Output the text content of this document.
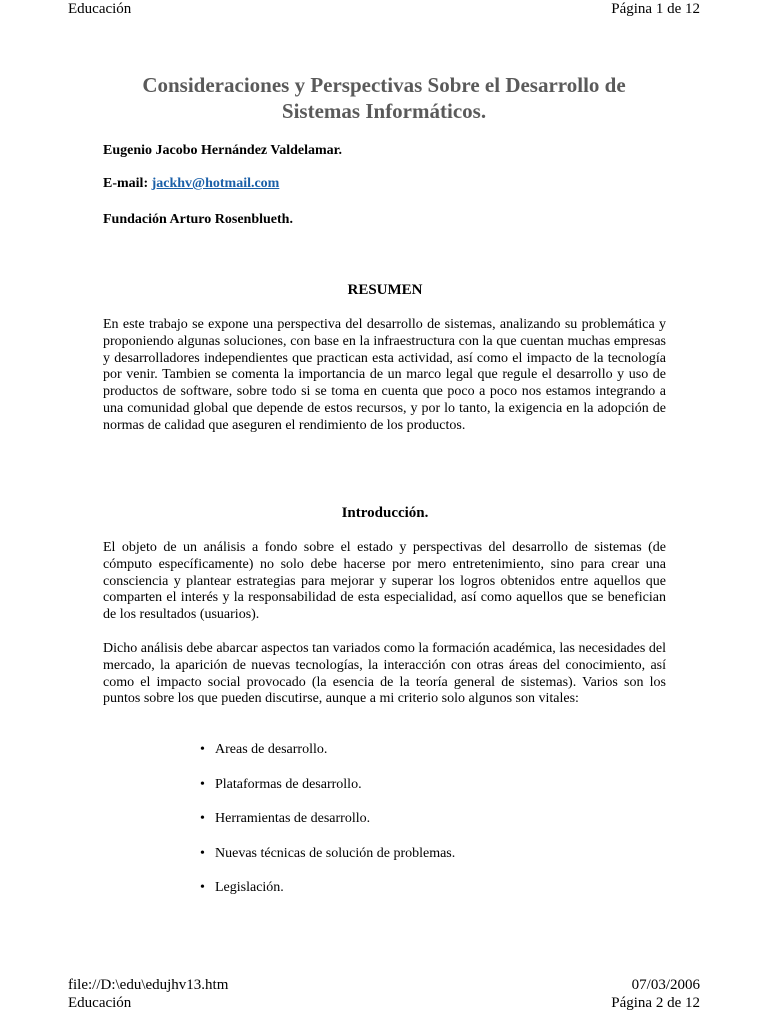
Educación	Página 1 de 12
Consideraciones y Perspectivas Sobre el Desarrollo de
Sistemas Informáticos.
Eugenio Jacobo Hernández Valdelamar.
E-mail: jackhv@hotmail.com
Fundación Arturo Rosenblueth.
RESUMEN
En este trabajo se expone una perspectiva del desarrollo de sistemas, analizando su problemática y proponiendo algunas soluciones, con base en la infraestructura con la que cuentan muchas empresas y desarrolladores independientes que practican esta actividad, así como el impacto de la tecnología por venir. Tambien se comenta la importancia de un marco legal que regule el desarrollo y uso de productos de software, sobre todo si se toma en cuenta que poco a poco nos estamos integrando a una comunidad global que depende de estos recursos, y por lo tanto, la exigencia en la adopción de normas de calidad que aseguren el rendimiento de los productos.
Introducción.
El objeto de un análisis a fondo sobre el estado y perspectivas del desarrollo de sistemas (de cómputo específicamente) no solo debe hacerse por mero entretenimiento, sino para crear una consciencia y plantear estrategias para mejorar y superar los logros obtenidos entre aquellos que comparten el interés y la responsabilidad de esta especialidad, así como aquellos que se benefician de los resultados (usuarios).
Dicho análisis debe abarcar aspectos tan variados como la formación académica, las necesidades del mercado, la aparición de nuevas tecnologías, la interacción con otras áreas del conocimiento, así como el impacto social provocado (la esencia de la teoría general de sistemas). Varios son los puntos sobre los que pueden discutirse, aunque a mi criterio solo algunos son vitales:
• Areas de desarrollo.
• Plataformas de desarrollo.
• Herramientas de desarrollo.
• Nuevas técnicas de solución de problemas.
• Legislación.
file://D:\edu\edujhv13.htm	07/03/2006
Educación	Página 2 de 12
